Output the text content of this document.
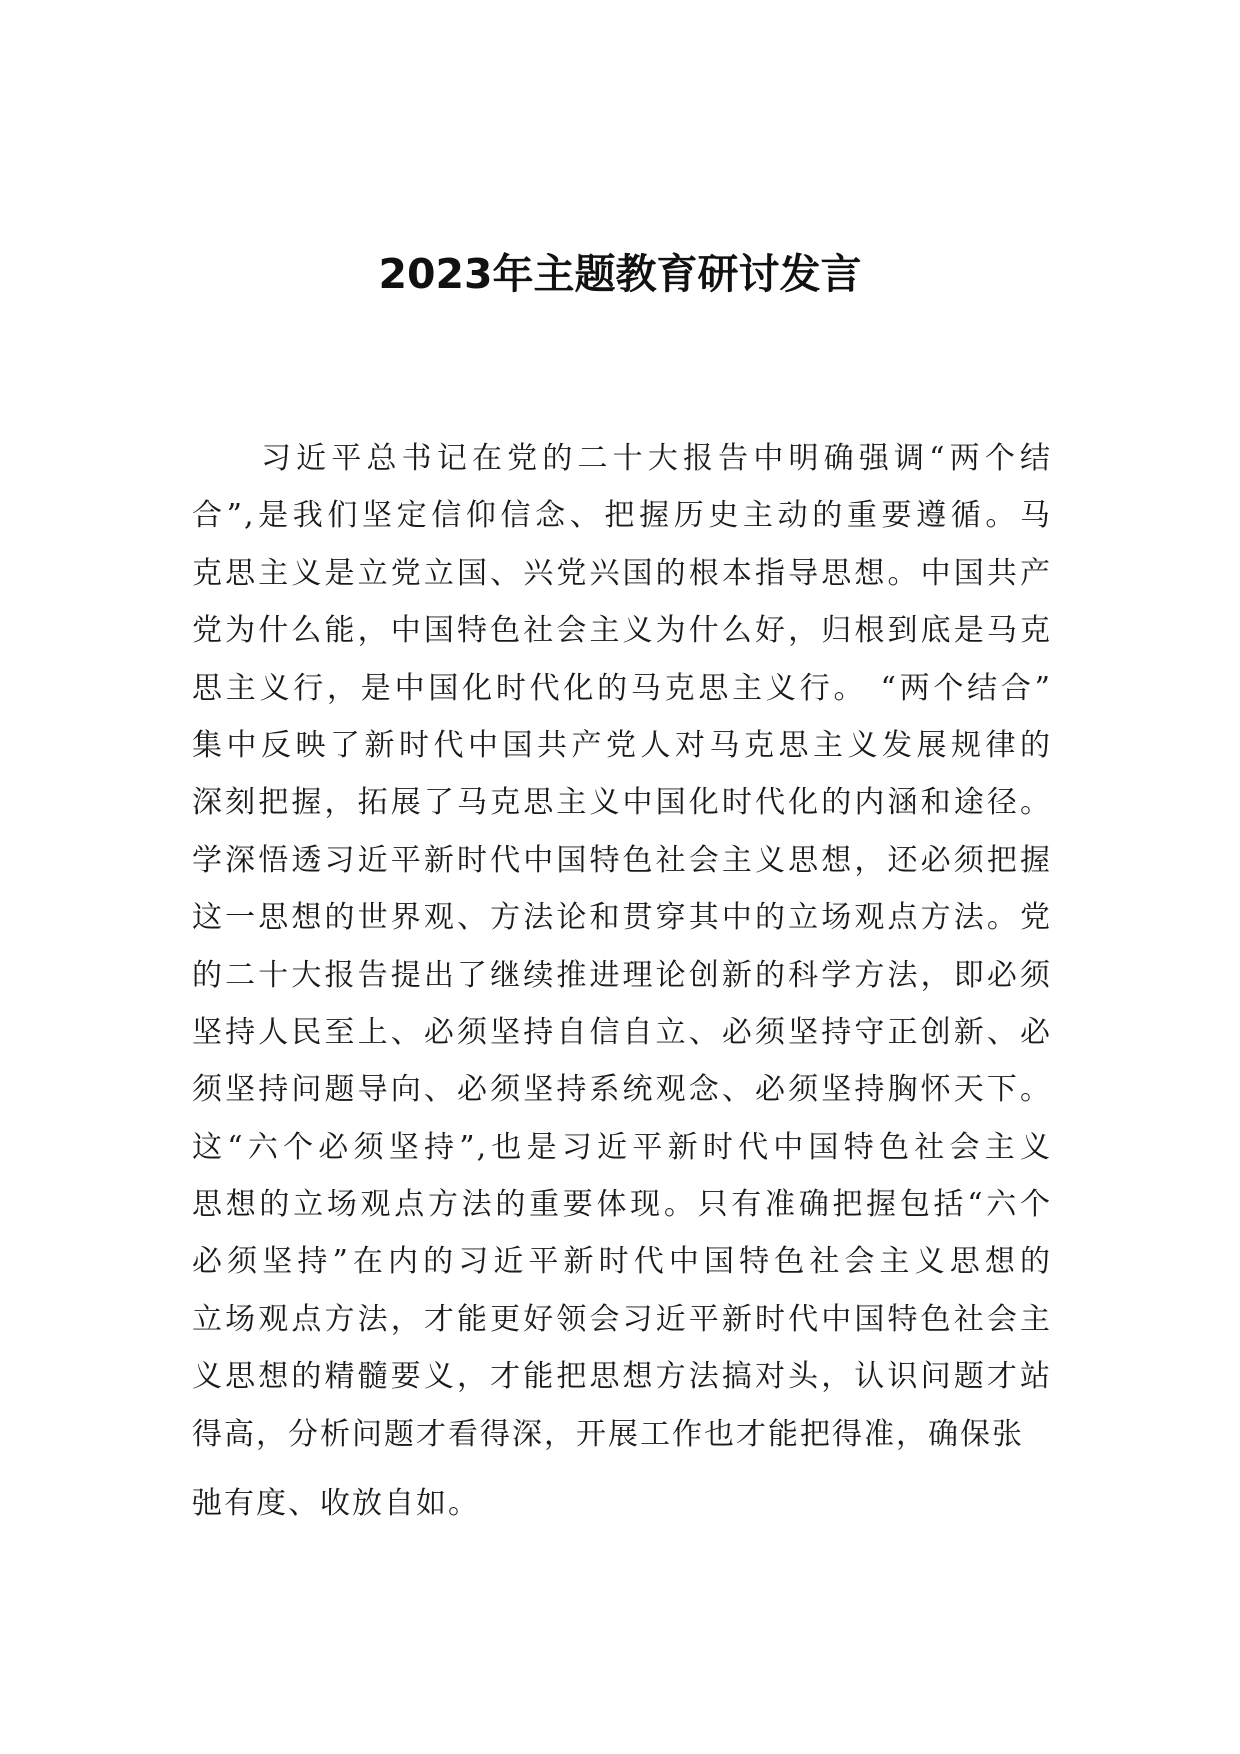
2023年主题教育研讨发言
习近平总书记在党的二十大报告中明确强调“两个结
合”,是我们坚定信仰信念、把握历史主动的重要遵循。马
克思主义是立党立国、兴党兴国的根本指导思想。中国共产
党为什么能，中国特色社会主义为什么好，归根到底是马克
思主义行，是中国化时代化的马克思主义行。 “两个结合”
集中反映了新时代中国共产党人对马克思主义发展规律的
深刻把握，拓展了马克思主义中国化时代化的内涵和途径。
学深悟透习近平新时代中国特色社会主义思想，还必须把握
这一思想的世界观、方法论和贯穿其中的立场观点方法。党
的二十大报告提出了继续推进理论创新的科学方法，即必须
坚持人民至上、必须坚持自信自立、必须坚持守正创新、必
须坚持问题导向、必须坚持系统观念、必须坚持胸怀天下。
这“六个必须坚持”,也是习近平新时代中国特色社会主义
思想的立场观点方法的重要体现。只有准确把握包括“六个
必须坚持”在内的习近平新时代中国特色社会主义思想的
立场观点方法，才能更好领会习近平新时代中国特色社会主
义思想的精髓要义，才能把思想方法搞对头，认识问题才站
得高，分析问题才看得深，开展工作也才能把得准，确保张
弛有度、收放自如。
